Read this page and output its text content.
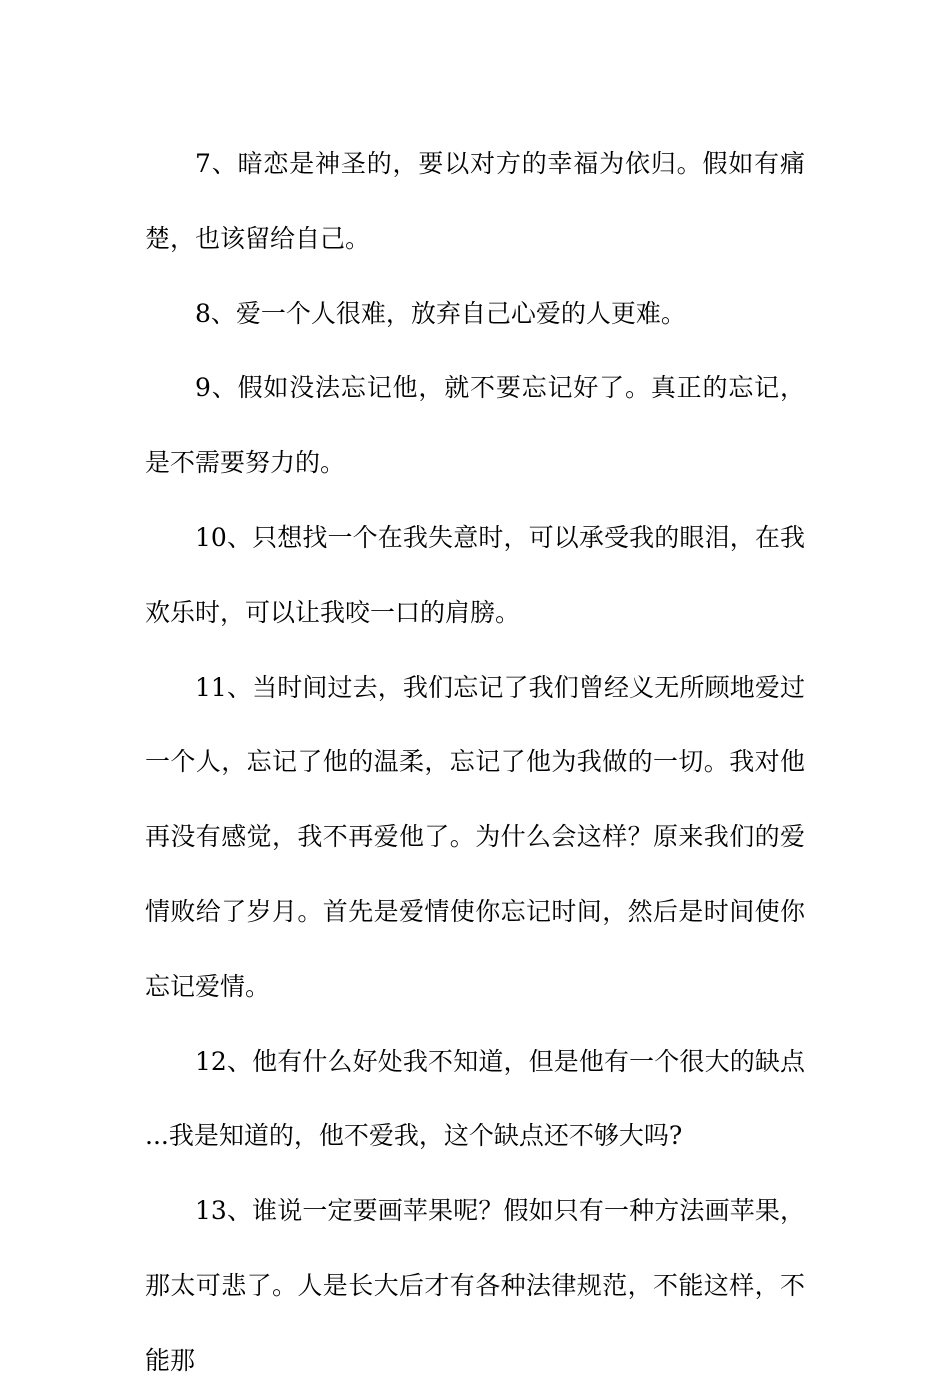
7、暗恋是神圣的，要以对方的幸福为依归。假如有痛楚，也该留给自己。

8、爱一个人很难，放弃自己心爱的人更难。

9、假如没法忘记他，就不要忘记好了。真正的忘记，是不需要努力的。

10、只想找一个在我失意时，可以承受我的眼泪，在我欢乐时，可以让我咬一口的肩膀。

11、当时间过去，我们忘记了我们曾经义无所顾地爱过一个人，忘记了他的温柔，忘记了他为我做的一切。我对他再没有感觉，我不再爱他了。为什么会这样？原来我们的爱情败给了岁月。首先是爱情使你忘记时间，然后是时间使你忘记爱情。

12、他有什么好处我不知道，但是他有一个很大的缺点...我是知道的，他不爱我，这个缺点还不够大吗?

13、谁说一定要画苹果呢？假如只有一种方法画苹果，那太可悲了。人是长大后才有各种法律规范，不能这样，不能那
